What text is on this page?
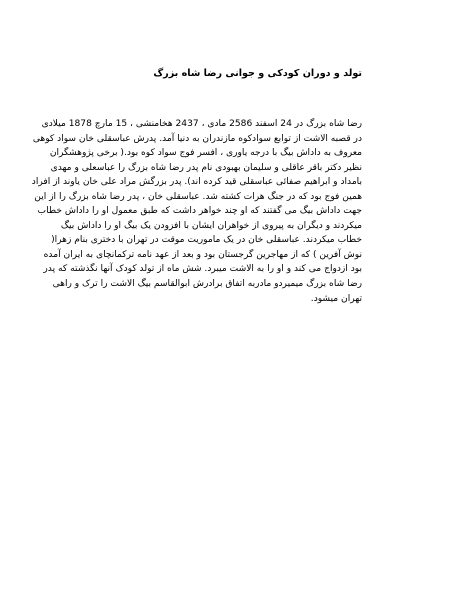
تولد و دوران کودکی و جوانی رضا شاه بزرگ
رضا شاه بزرگ در 24 اسفند 2586 مادی ، 2437 هخامنشی ، 15 مارچ 1878 میلادی
در قصبه الاشت از توابع سوادکوه مازندران به دنیا آمد. پدرش عباسقلی خان سواد کوهی
معروف به داداش بیگ با درجه یاوری ، افسر فوج سواد کوه بود.( برخی پژوهشگران
نظیر دکتر باقر عاقلی و سلیمان بهبودی نام پدر رضا شاه بزرگ را عباسعلی و مهدی
بامداد و ابراهیم صفائی عباسقلی قید کرده اند). پدر بزرگش مراد علی خان یاوند از افراد
همین فوج بود که در جنگ هرات کشته شد. عباسقلی خان ، پدر رضا شاه بزرگ را از این
جهت داداش بیگ می گفتند که او چند خواهر داشت که طبق معمول او را داداش خطاب
میکردند و دیگران به پیروی از خواهران ایشان با افزودن یک بیگ او را داداش بیگ
خطاب میکردند. عباسقلی خان در یک ماموریت موقت در تهران با دختری بنام زهرا(
نوش آفرین ) که از مهاجرین گرجستان بود و بعد از عهد نامه ترکمانچای به ایران آمده
بود ازدواج می کند و او را به الاشت میبرد. شش ماه از تولد کودک آنها نگذشته که پدر
رضا شاه بزرگ میمیردو مادربه اتفاق برادرش ابوالقاسم بیگ الاشت را ترک و راهی
تهران میشود.
